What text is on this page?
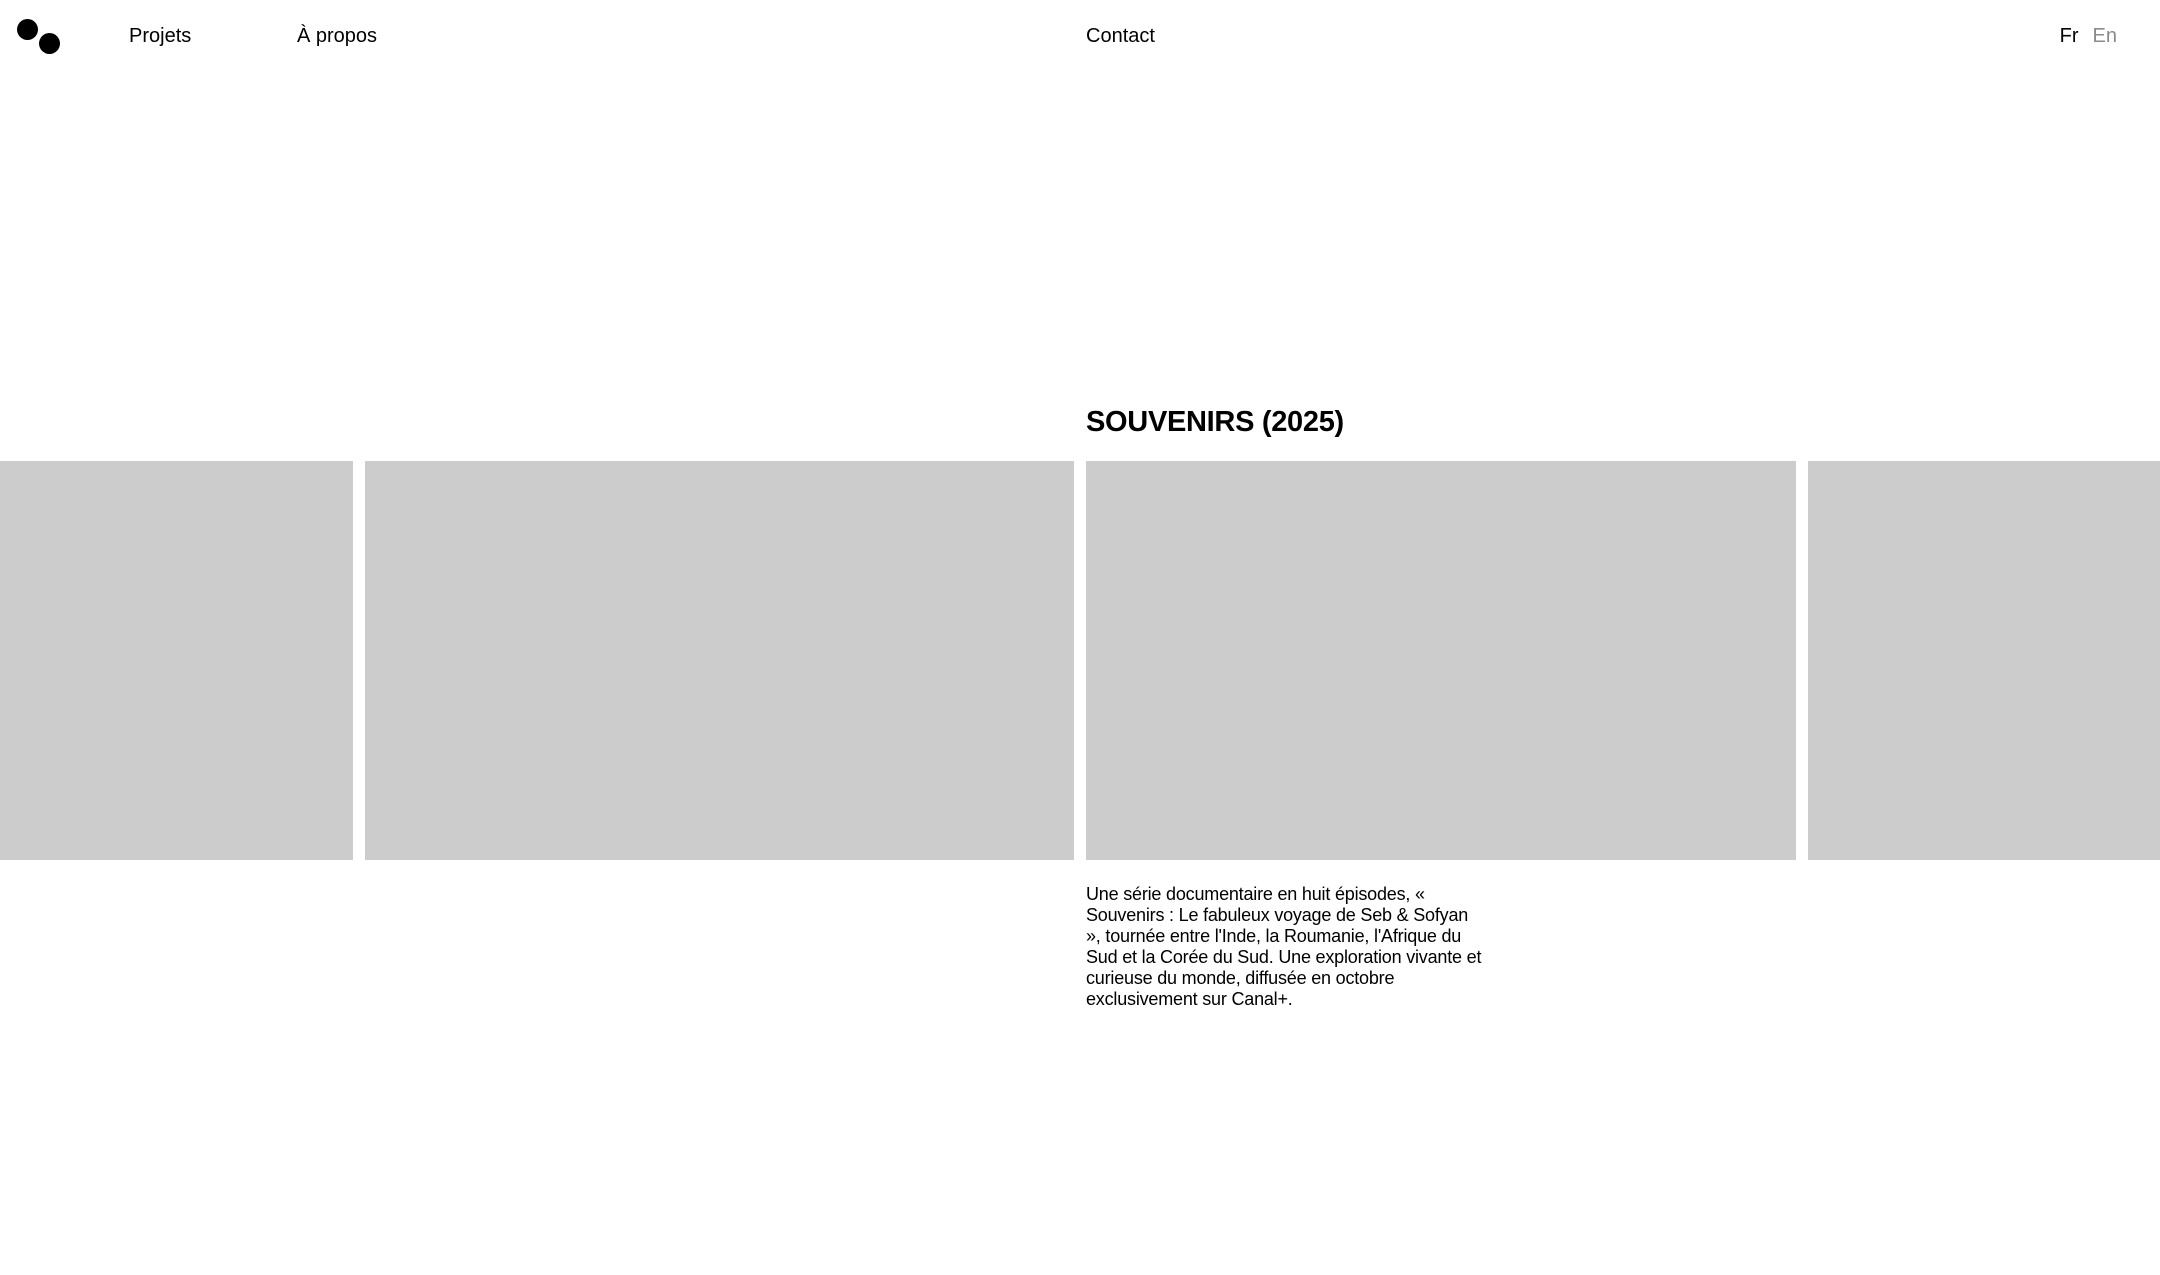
Projets	À propos	Contact	Fr En
SOUVENIRS (2025)

Une série documentaire en huit épisodes, « Souvenirs : Le fabuleux voyage de Seb & Sofyan », tournée entre l'Inde, la Roumanie, l'Afrique du Sud et la Corée du Sud. Une exploration vivante et curieuse du monde, diffusée en octobre exclusivement sur Canal+.
